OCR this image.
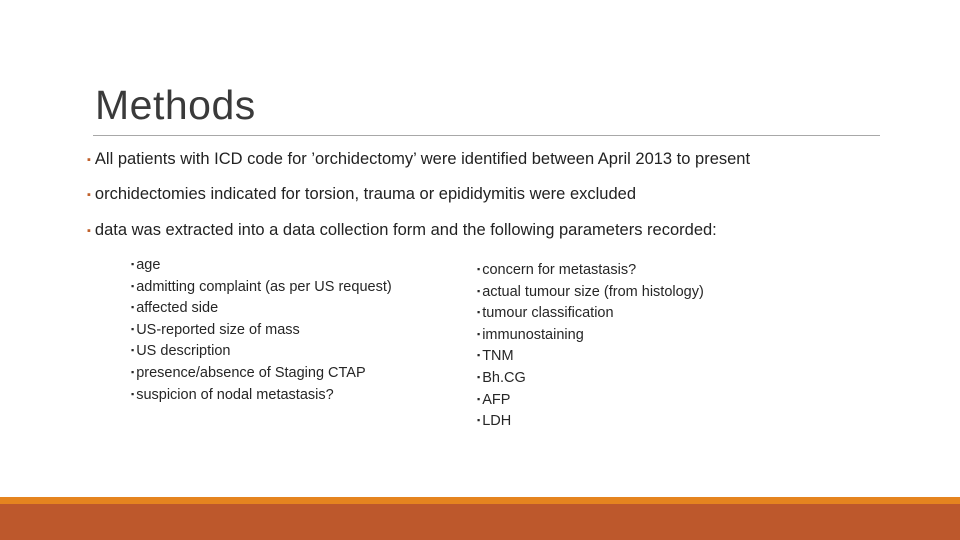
Methods
▪ All patients with ICD code for ’orchidectomy’ were identified between April 2013 to present
▪ orchidectomies indicated for torsion, trauma or epididymitis were excluded
▪ data was extracted into a data collection form and the following parameters recorded:
▪ age
▪ admitting complaint (as per US request)
▪ affected side
▪ US-reported size of mass
▪ US description
▪ presence/absence of Staging CTAP
▪ suspicion of nodal metastasis?
▪ concern for metastasis?
▪ actual tumour size (from histology)
▪ tumour classification
▪ immunostaining
▪ TNM
▪ Bh.CG
▪ AFP
▪ LDH
